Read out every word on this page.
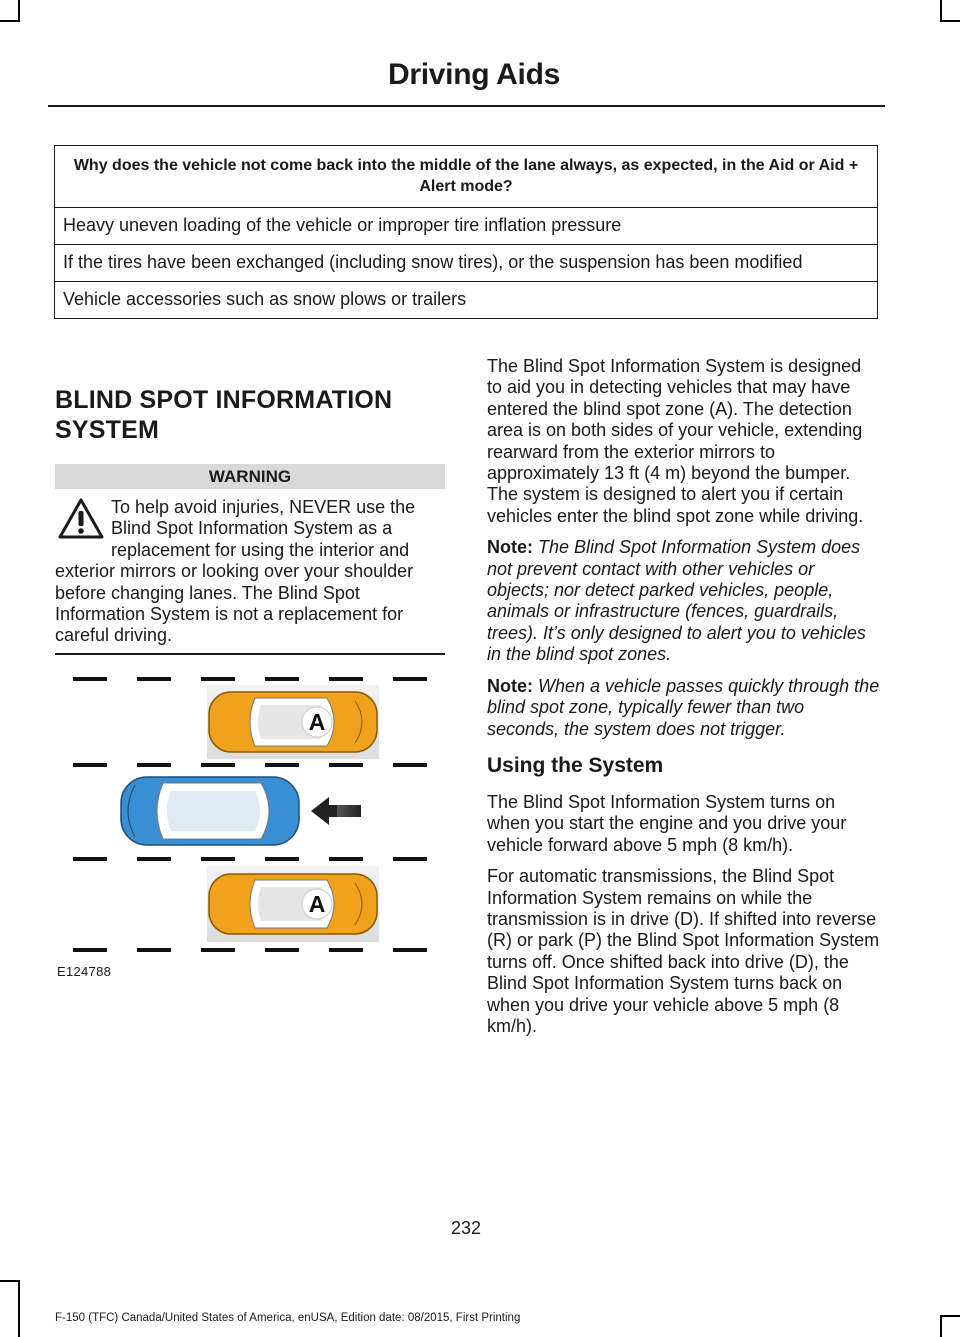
Driving Aids
Why does the vehicle not come back into the middle of the lane always, as expected, in the Aid or Aid + Alert mode?
Heavy uneven loading of the vehicle or improper tire inflation pressure
If the tires have been exchanged (including snow tires), or the suspension has been modified
Vehicle accessories such as snow plows or trailers
BLIND SPOT INFORMATION SYSTEM
WARNING

To help avoid injuries, NEVER use the Blind Spot Information System as a replacement for using the interior and exterior mirrors or looking over your shoulder before changing lanes. The Blind Spot Information System is not a replacement for careful driving.

A
A
E124788

The Blind Spot Information System is designed to aid you in detecting vehicles that may have entered the blind spot zone (A). The detection area is on both sides of your vehicle, extending rearward from the exterior mirrors to approximately 13 ft (4 m) beyond the bumper. The system is designed to alert you if certain vehicles enter the blind spot zone while driving.

Note: The Blind Spot Information System does not prevent contact with other vehicles or objects; nor detect parked vehicles, people, animals or infrastructure (fences, guardrails, trees). It’s only designed to alert you to vehicles in the blind spot zones.

Note: When a vehicle passes quickly through the blind spot zone, typically fewer than two seconds, the system does not trigger.

Using the System

The Blind Spot Information System turns on when you start the engine and you drive your vehicle forward above 5 mph (8 km/h).

For automatic transmissions, the Blind Spot Information System remains on while the transmission is in drive (D). If shifted into reverse (R) or park (P) the Blind Spot Information System turns off. Once shifted back into drive (D), the Blind Spot Information System turns back on when you drive your vehicle above 5 mph (8 km/h).

232
F-150 (TFC) Canada/United States of America, enUSA, Edition date: 08/2015, First Printing
